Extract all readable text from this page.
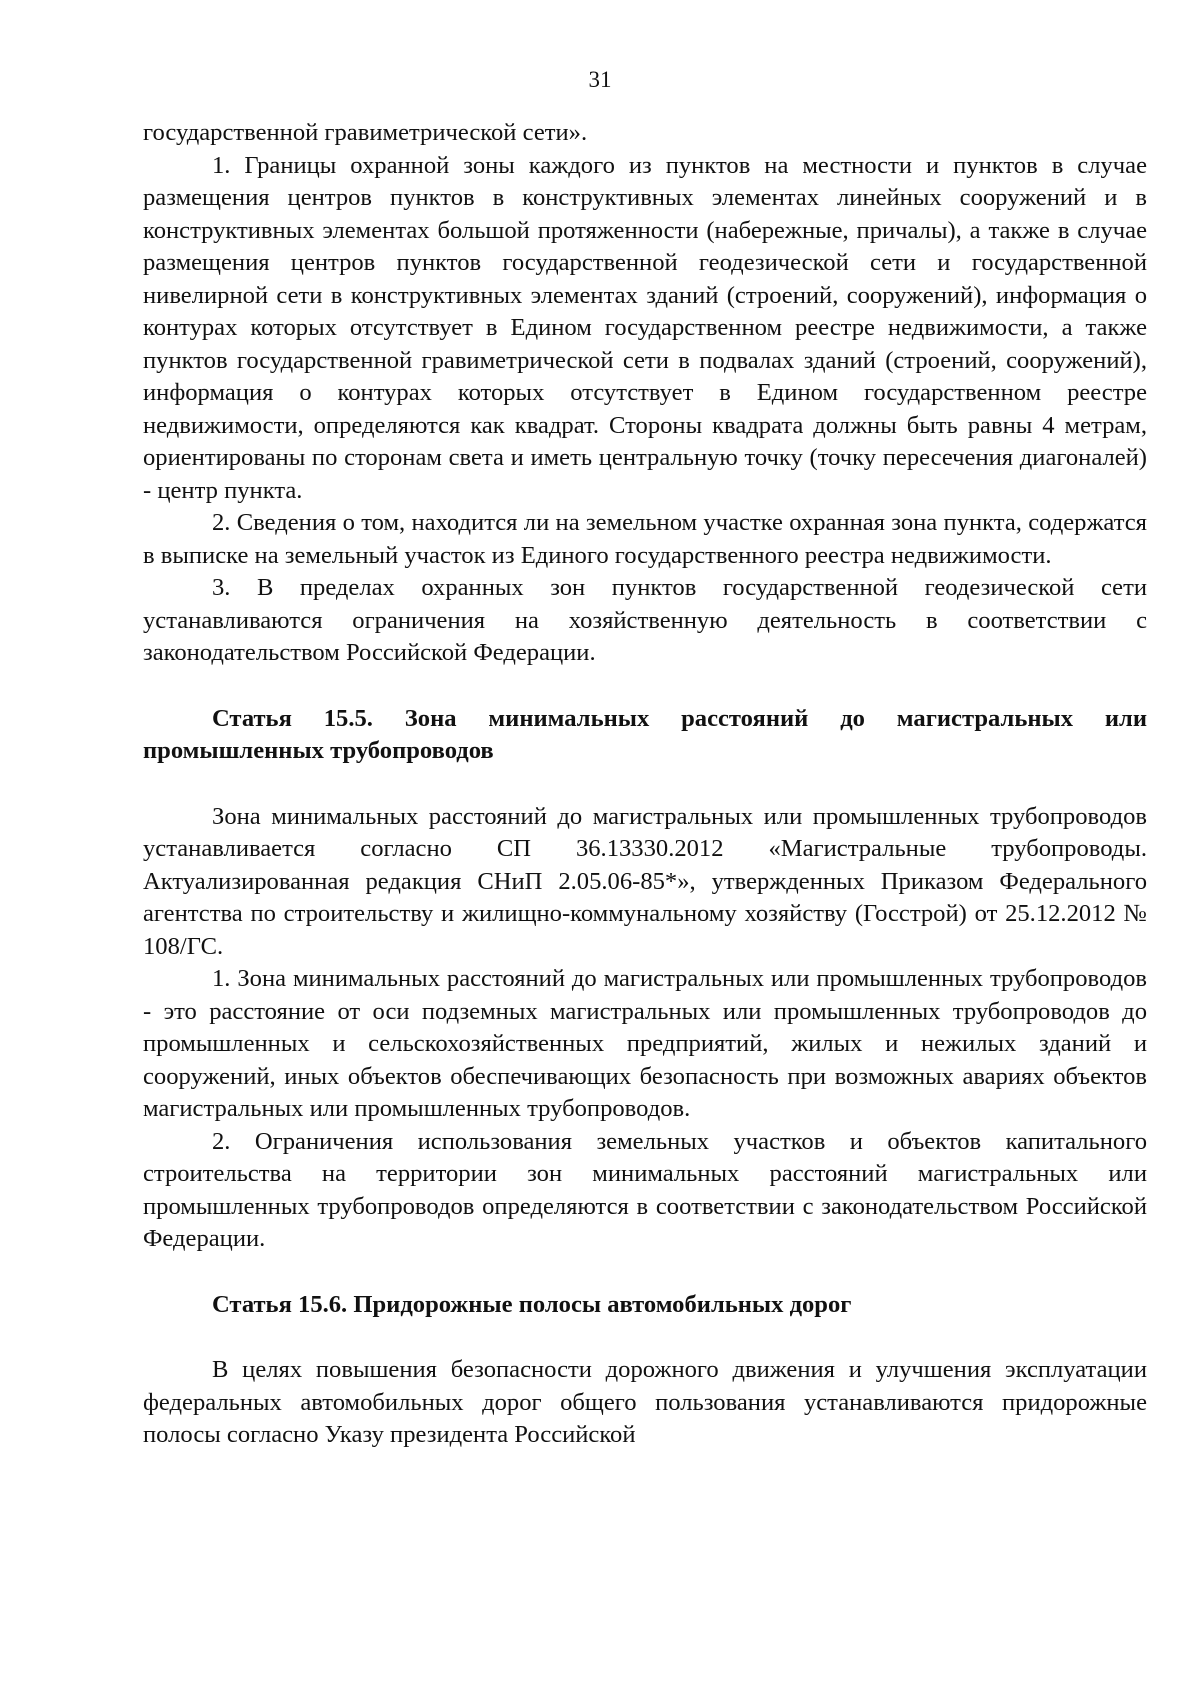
31

государственной гравиметрической сети».

1. Границы охранной зоны каждого из пунктов на местности и пунктов в случае размещения центров пунктов в конструктивных элементах линейных сооружений и в конструктивных элементах большой протяженности (набережные, причалы), а также в случае размещения центров пунктов государственной геодезической сети и государственной нивелирной сети в конструктивных элементах зданий (строений, сооружений), информация о контурах которых отсутствует в Едином государственном реестре недвижимости, а также пунктов государственной гравиметрической сети в подвалах зданий (строений, сооружений), информация о контурах которых отсутствует в Едином государственном реестре недвижимости, определяются как квадрат. Стороны квадрата должны быть равны 4 метрам, ориентированы по сторонам света и иметь центральную точку (точку пересечения диагоналей) - центр пункта.

2. Сведения о том, находится ли на земельном участке охранная зона пункта, содержатся в выписке на земельный участок из Единого государственного реестра недвижимости.

3. В пределах охранных зон пунктов государственной геодезической сети устанавливаются ограничения на хозяйственную деятельность в соответствии с законодательством Российской Федерации.

Статья 15.5. Зона минимальных расстояний до магистральных или промышленных трубопроводов

Зона минимальных расстояний до магистральных или промышленных трубопроводов устанавливается согласно СП 36.13330.2012 «Магистральные трубопроводы. Актуализированная редакция СНиП 2.05.06-85*», утвержденных Приказом Федерального агентства по строительству и жилищно-коммунальному хозяйству (Госстрой) от 25.12.2012 № 108/ГС.

1. Зона минимальных расстояний до магистральных или промышленных трубопроводов - это расстояние от оси подземных магистральных или промышленных трубопроводов до промышленных и сельскохозяйственных предприятий, жилых и нежилых зданий и сооружений, иных объектов обеспечивающих безопасность при возможных авариях объектов магистральных или промышленных трубопроводов.

2. Ограничения использования земельных участков и объектов капитального строительства на территории зон минимальных расстояний магистральных или промышленных трубопроводов определяются в соответствии с законодательством Российской Федерации.

Статья 15.6. Придорожные полосы автомобильных дорог

В целях повышения безопасности дорожного движения и улучшения эксплуатации федеральных автомобильных дорог общего пользования устанавливаются придорожные полосы согласно Указу президента Российской
